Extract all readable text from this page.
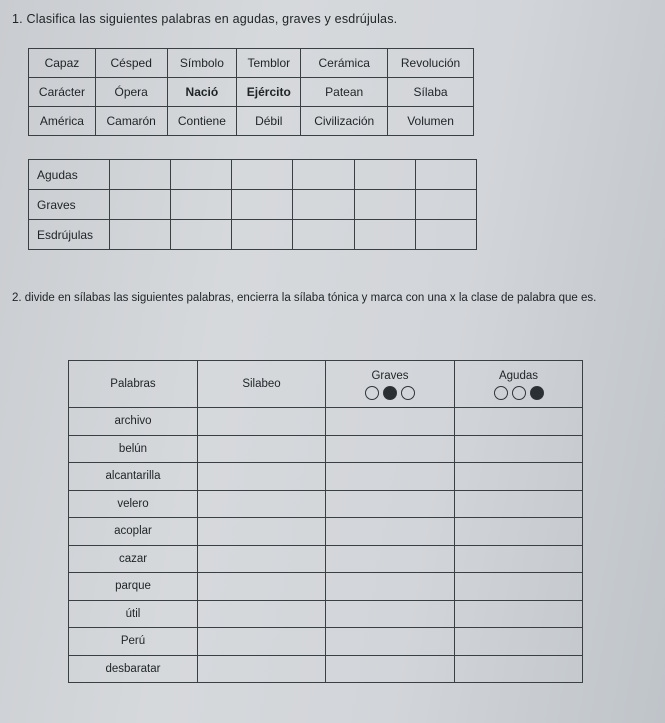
1. Clasifica las siguientes palabras en agudas, graves y esdrújulas.
Capaz	Césped	Símbolo	Temblor	Cerámica	Revolución
Carácter	Ópera	Nació	Ejército	Patean	Sílaba
América	Camarón	Contiene	Débil	Civilización	Volumen
Agudas						
Graves						
Esdrújulas						
2. divide en sílabas las siguientes palabras, encierra la sílaba tónica y marca con una x la clase de palabra que es.
Palabras	Silabeo	Graves	Agudas

archivo			
belún			
alcantarilla			
velero			
acoplar			
cazar			
parque			
útil			
Perú			
desbaratar			
